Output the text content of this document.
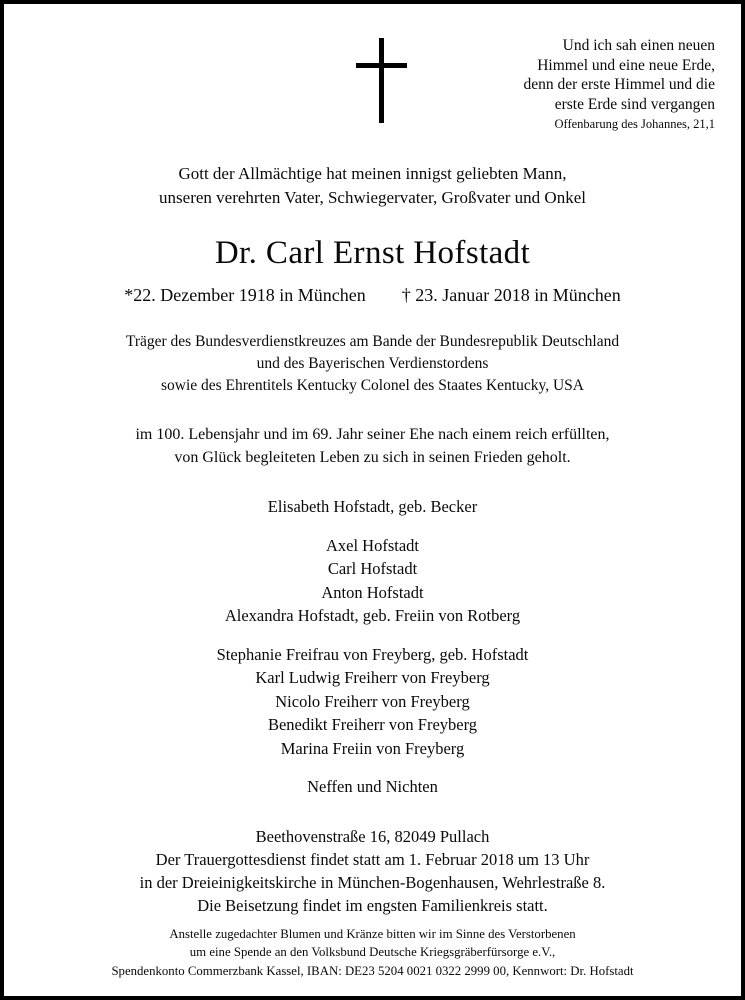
Und ich sah einen neuen
Himmel und eine neue Erde,
denn der erste Himmel und die
erste Erde sind vergangen
Offenbarung des Johannes, 21,1
Gott der Allmächtige hat meinen innigst geliebten Mann,
unseren verehrten Vater, Schwiegervater, Großvater und Onkel
Dr. Carl Ernst Hofstadt
*22. Dezember 1918 in München † 23. Januar 2018 in München
Träger des Bundesverdienstkreuzes am Bande der Bundesrepublik Deutschland
und des Bayerischen Verdienstordens
sowie des Ehrentitels Kentucky Colonel des Staates Kentucky, USA
im 100. Lebensjahr und im 69. Jahr seiner Ehe nach einem reich erfüllten,
von Glück begleiteten Leben zu sich in seinen Frieden geholt.
Elisabeth Hofstadt, geb. Becker
Axel Hofstadt
Carl Hofstadt
Anton Hofstadt
Alexandra Hofstadt, geb. Freiin von Rotberg
Stephanie Freifrau von Freyberg, geb. Hofstadt
Karl Ludwig Freiherr von Freyberg
Nicolo Freiherr von Freyberg
Benedikt Freiherr von Freyberg
Marina Freiin von Freyberg
Neffen und Nichten
Beethovenstraße 16, 82049 Pullach
Der Trauergottesdienst findet statt am 1. Februar 2018 um 13 Uhr
in der Dreieinigkeitskirche in München-Bogenhausen, Wehrlestraße 8.
Die Beisetzung findet im engsten Familienkreis statt.
Anstelle zugedachter Blumen und Kränze bitten wir im Sinne des Verstorbenen
um eine Spende an den Volksbund Deutsche Kriegsgräberfürsorge e.V.,
Spendenkonto Commerzbank Kassel, IBAN: DE23 5204 0021 0322 2999 00, Kennwort: Dr. Hofstadt
